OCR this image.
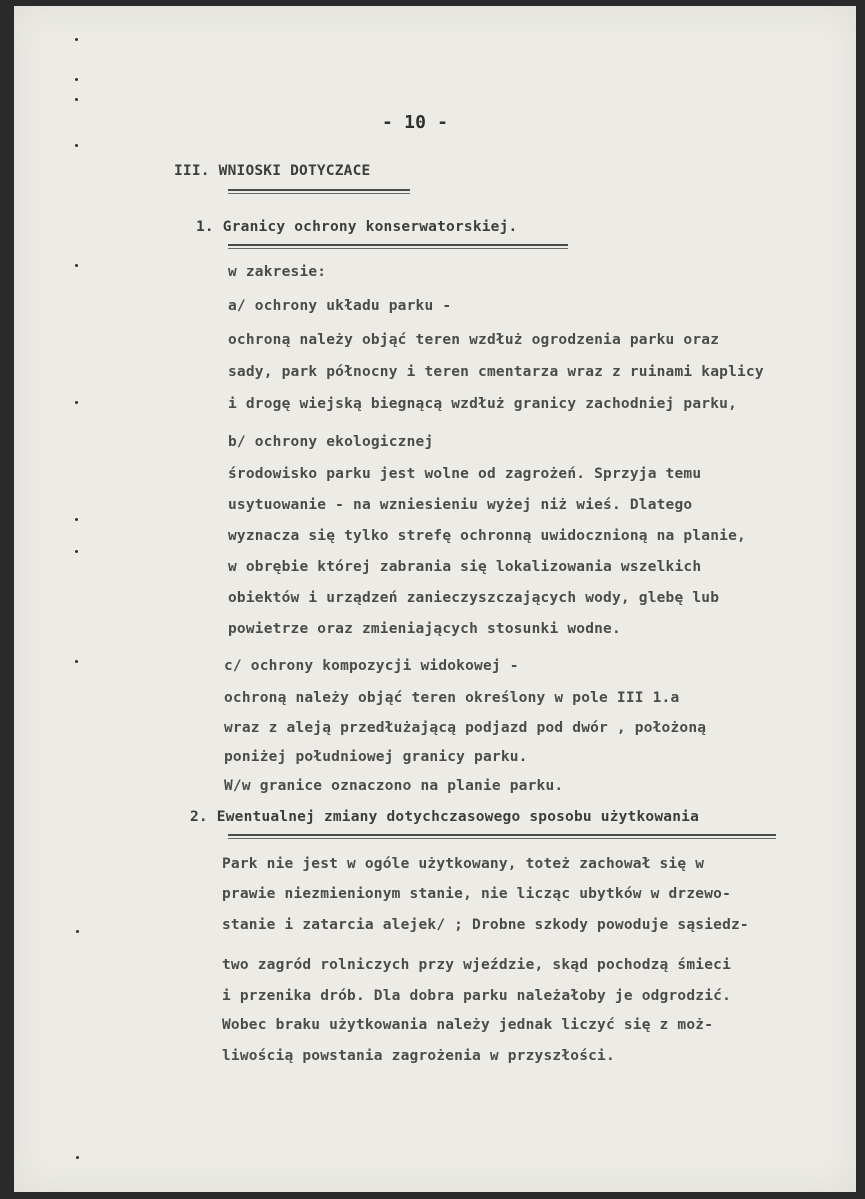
- 10 -
III. WNIOSKI DOTYCZACE
1. Granicy ochrony konserwatorskiej.
w zakresie:
a/ ochrony układu parku -
ochroną należy objąć teren wzdłuż ogrodzenia parku oraz
sady, park północny i teren cmentarza wraz z ruinami kaplicy
i drogę wiejską biegnącą wzdłuż granicy zachodniej parku,
b/ ochrony ekologicznej
środowisko parku jest wolne od zagrożeń. Sprzyja temu
usytuowanie - na wzniesieniu wyżej niż wieś. Dlatego
wyznacza się tylko strefę ochronną uwidocznioną na planie,
w obrębie której zabrania się lokalizowania wszelkich
obiektów i urządzeń zanieczyszczających wody, glebę lub
powietrze oraz zmieniających stosunki wodne.
c/ ochrony kompozycji widokowej -
ochroną należy objąć teren określony w pole III 1.a
wraz z aleją przedłużającą podjazd pod dwór , położoną
poniżej południowej granicy parku.
W/w granice oznaczono na planie parku.
2. Ewentualnej zmiany dotychczasowego sposobu użytkowania
Park nie jest w ogóle użytkowany, toteż zachował się w
prawie niezmienionym stanie, nie licząc ubytków w drzewo-
stanie i zatarcia alejek/ ; Drobne szkody powoduje sąsiedz-
two zagród rolniczych przy wjeździe, skąd pochodzą śmieci
i przenika drób. Dla dobra parku należałoby je odgrodzić.
Wobec braku użytkowania należy jednak liczyć się z moż-
liwością powstania zagrożenia w przyszłości.
